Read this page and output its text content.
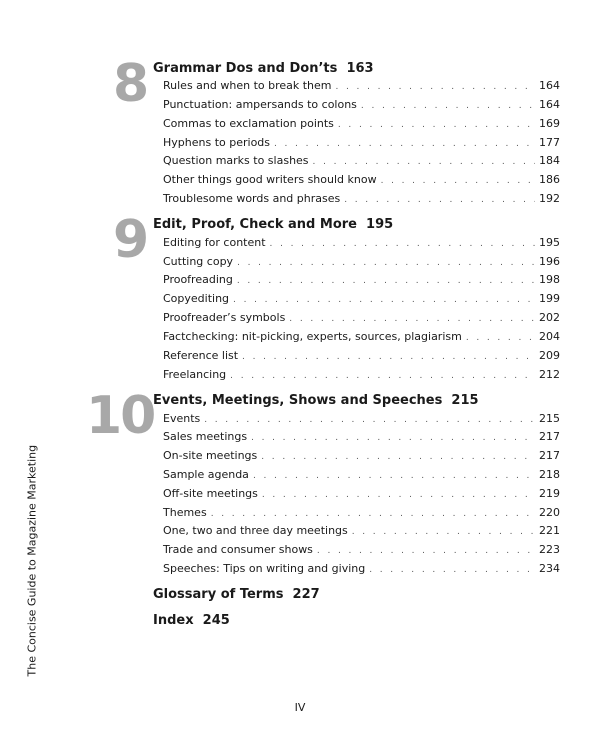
8 Grammar Dos and Don’ts 163
Rules and when to break them . . .	164
Punctuation: ampersands to colons . . .	164
Commas to exclamation points . . .	169
Hyphens to periods . . .	177
Question marks to slashes . . .	184
Other things good writers should know . . .	186
Troublesome words and phrases . . .	192
9 Edit, Proof, Check and More 195
Editing for content . . .	195
Cutting copy . . .	196
Proofreading . . .	198
Copyediting . . .	199
Proofreader’s symbols . . .	202
Factchecking: nit-picking, experts, sources, plagiarism . . .	204
Reference list . . .	209
Freelancing . . .	212
10
Events, Meetings, Shows and Speeches 215
Events . . .	215
Sales meetings . . .	217
On-site meetings . . .	217
Sample agenda . . .	218
Off-site meetings . . .	219
Themes . . .	220
One, two and three day meetings . . .	221
Trade and consumer shows . . .	223
Speeches: Tips on writing and giving . . .	234
Glossary of Terms 227
Index 245
The Concise Guide to Magazine Marketing
IV
